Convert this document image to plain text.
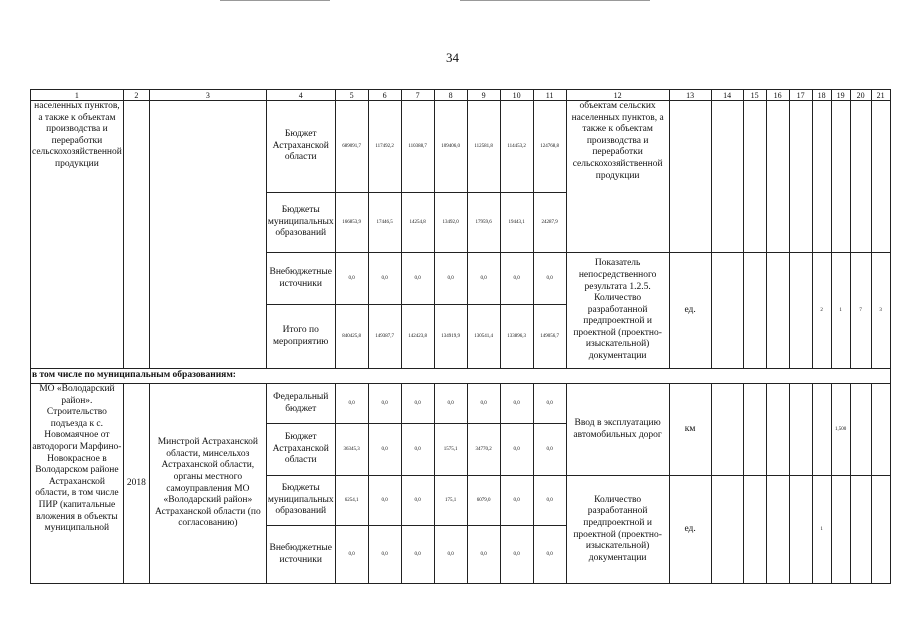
34
1	2	3	4	5	6	7	8	9	10	11	12	13	14	15	16	17	18	19	20	21
населенных пунктов, а также к объектам производства и переработки сельскохозяйственной продукции			Бюджет Астраханской области	689091,7	117492,2	110388,7	109406,0	112581,8	114453,2	124768,8	объектам сельских населенных пунктов, а также к объектам производства и переработки сельскохозяйственной продукции									
			Бюджеты муниципальных образований	166853,9	17446,5	14254,8	13492,0	17959,6	19443,1	24287,9										
			Внебюджетные источники	0,0	0,0	0,0	0,0	0,0	0,0	0,0	Показатель непосредственного результата 1.2.5. Количество разработанной предпроектной и проектной (проектно-изыскательной) документации	ед.					2	1	7	3
			Итого по мероприятию	840425,8	149387,7	142423,8	134919,9	130541,4	133896,3	149056,7										
в том числе по муниципальным образованиям:																				
МО «Володарский район». Строительство подъезда к с. Новомаячное от автодороги Марфино-Новокрасное в Володарском районе Астраханской области, в том числе ПИР (капитальные вложения в объекты муниципальной	2018	Минстрой Астраханской области, минсельхоз Астраханской области, органы местного самоуправления МО «Володарский район» Астраханской области (по согласованию)	Федеральный бюджет	0,0	0,0	0,0	0,0	0,0	0,0	0,0	Ввод в эксплуатацию автомобильных дорог	км						1,500		
			Бюджет Астраханской области	36345,3	0,0	0,0	1575,1	34770,2	0,0	0,0										
			Бюджеты муниципальных образований	6254,1	0,0	0,0	175,1	6079,0	0,0	0,0	Количество разработанной предпроектной и проектной (проектно-изыскательной) документации	ед.					1			
			Внебюджетные источники	0,0	0,0	0,0	0,0	0,0	0,0	0,0										
